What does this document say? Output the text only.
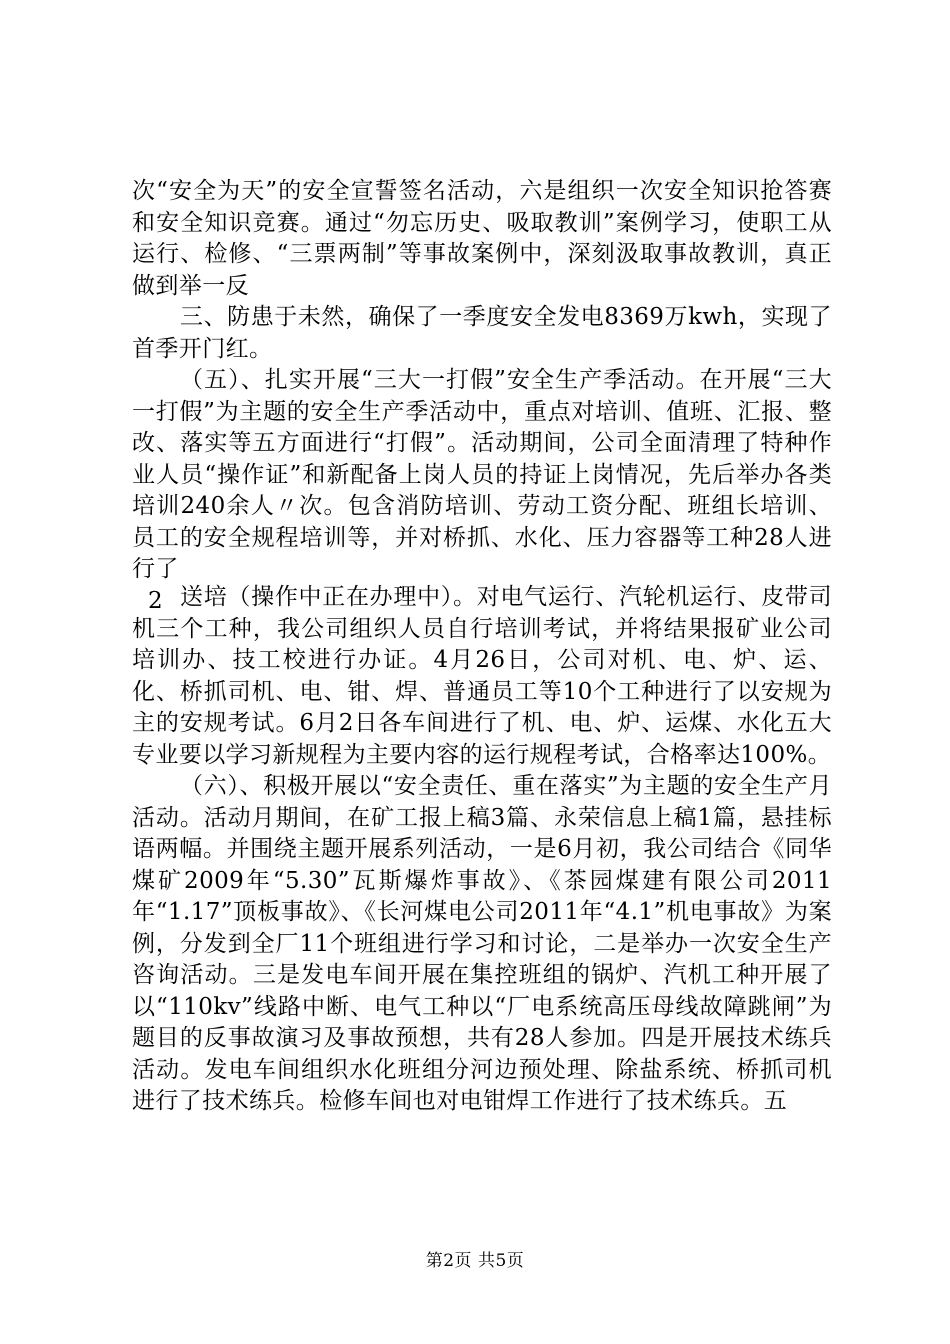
次“安全为天”的安全宣誓签名活动，六是组织一次安全知识抢答赛和安全知识竞赛。通过“勿忘历史、吸取教训”案例学习，使职工从运行、检修、“三票两制”等事故案例中，深刻汲取事故教训，真正做到举一反

三、防患于未然，确保了一季度安全发电8369万kwh，实现了首季开门红。

（五）、扎实开展“三大一打假”安全生产季活动。在开展“三大一打假”为主题的安全生产季活动中，重点对培训、值班、汇报、整改、落实等五方面进行“打假”。活动期间，公司全面清理了特种作业人员“操作证”和新配备上岗人员的持证上岗情况，先后举办各类培训240余人〃次。包含消防培训、劳动工资分配、班组长培训、员工的安全规程培训等，并对桥抓、水化、压力容器等工种28人进行了

2 送培（操作中正在办理中）。对电气运行、汽轮机运行、皮带司机三个工种，我公司组织人员自行培训考试，并将结果报矿业公司培训办、技工校进行办证。4月26日，公司对机、电、炉、运、化、桥抓司机、电、钳、焊、普通员工等10个工种进行了以安规为主的安规考试。6月2日各车间进行了机、电、炉、运煤、水化五大专业要以学习新规程为主要内容的运行规程考试，合格率达100%。

（六）、积极开展以“安全责任、重在落实”为主题的安全生产月活动。活动月期间，在矿工报上稿3篇、永荣信息上稿1篇，悬挂标语两幅。并围绕主题开展系列活动，一是6月初，我公司结合《同华煤矿2009年“5.30”瓦斯爆炸事故》、《茶园煤建有限公司2011年“1.17”顶板事故》、《长河煤电公司2011年“4.1”机电事故》为案例，分发到全厂11个班组进行学习和讨论，二是举办一次安全生产咨询活动。三是发电车间开展在集控班组的锅炉、汽机工种开展了以“110kv”线路中断、电气工种以“厂电系统高压母线故障跳闸”为题目的反事故演习及事故预想，共有28人参加。四是开展技术练兵活动。发电车间组织水化班组分河边预处理、除盐系统、桥抓司机进行了技术练兵。检修车间也对电钳焊工作进行了技术练兵。五

第2页 共5页
